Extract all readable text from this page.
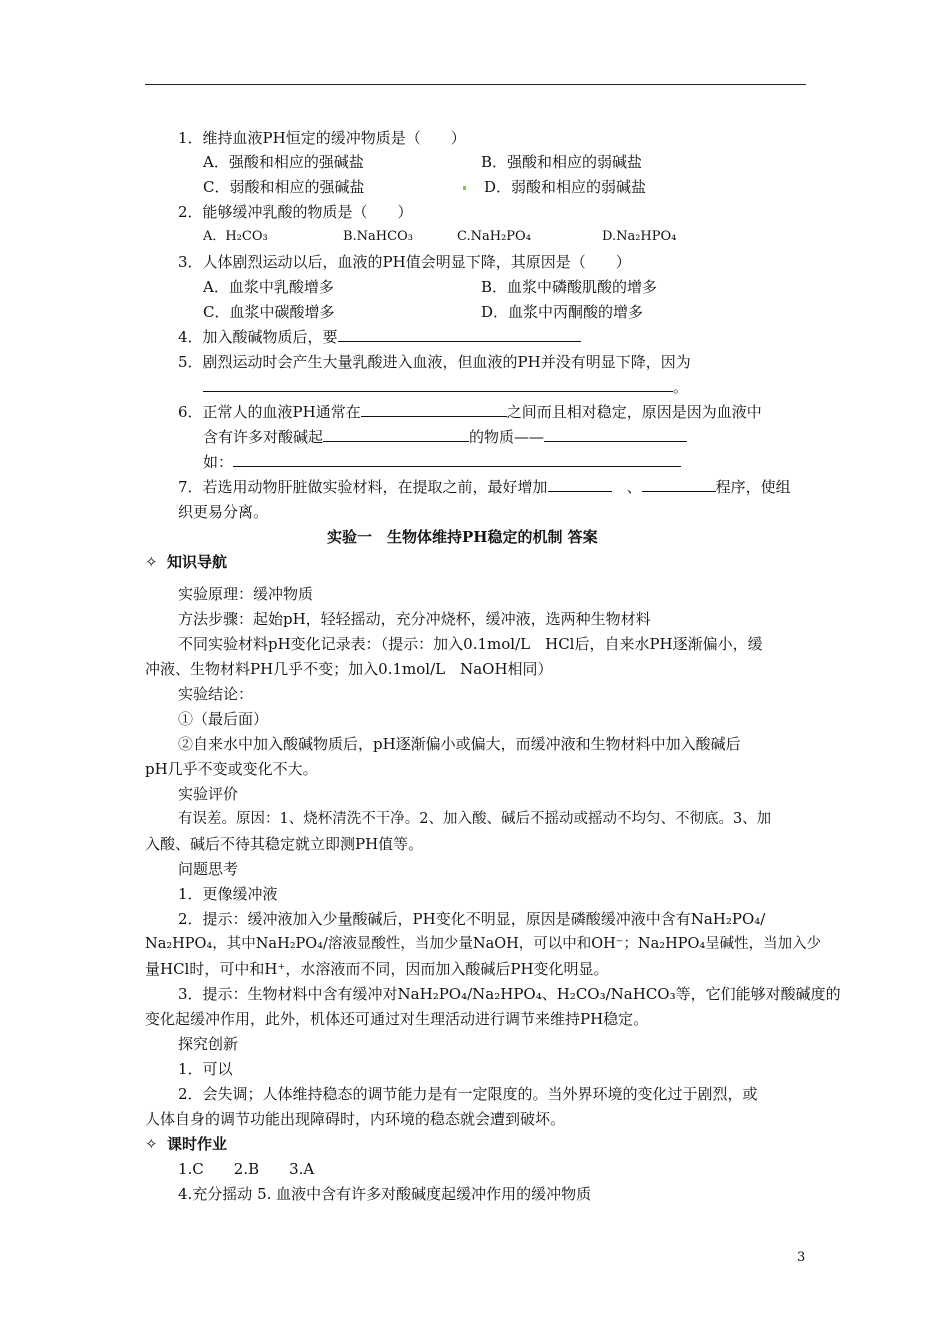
1．维持血液PH恒定的缓冲物质是（　　）
A．强酸和相应的强碱盐	B．强酸和相应的弱碱盐
C．弱酸和相应的强碱盐	D．弱酸和相应的弱碱盐
2．能够缓冲乳酸的物质是（　　）
A．H₂CO₃	B.NaHCO₃	C.NaH₂PO₄	D.Na₂HPO₄
3．人体剧烈运动以后，血液的PH值会明显下降，其原因是（　　）
A．血浆中乳酸增多	B．血浆中磷酸肌酸的增多
C．血浆中碳酸增多	D．血浆中丙酮酸的增多
4．加入酸碱物质后，要
5．剧烈运动时会产生大量乳酸进入血液，但血液的PH并没有明显下降，因为
。
6．正常人的血液PH通常在	之间而且相对稳定，原因是因为血液中
含有许多对酸碱起	的物质——
如：
7．若选用动物肝脏做实验材料，在提取之前，最好增加　	、	程序，使组
织更易分离。
实验一　生物体维持PH稳定的机制 答案
✧ 知识导航
实验原理：缓冲物质
方法步骤：起始pH，轻轻摇动，充分冲烧杯，缓冲液，选两种生物材料
不同实验材料pH变化记录表：（提示：加入0.1mol/L　HCl后，自来水PH逐渐偏小，缓
冲液、生物材料PH几乎不变；加入0.1mol/L　NaOH相同）
实验结论：
①（最后面）
②自来水中加入酸碱物质后，pH逐渐偏小或偏大，而缓冲液和生物材料中加入酸碱后
pH几乎不变或变化不大。
实验评价
有误差。原因：1、烧杯清洗不干净。2、加入酸、碱后不摇动或摇动不均匀、不彻底。3、加
入酸、碱后不待其稳定就立即测PH值等。
问题思考
1．更像缓冲液
2．提示：缓冲液加入少量酸碱后，PH变化不明显，原因是磷酸缓冲液中含有NaH₂PO₄/
Na₂HPO₄，其中NaH₂PO₄/溶液显酸性，当加少量NaOH，可以中和OH⁻；Na₂HPO₄呈碱性，当加入少
量HCl时，可中和H⁺，水溶液而不同，因而加入酸碱后PH变化明显。
3．提示：生物材料中含有缓冲对NaH₂PO₄/Na₂HPO₄、H₂CO₃/NaHCO₃等，它们能够对酸碱度的
变化起缓冲作用，此外，机体还可通过对生理活动进行调节来维持PH稳定。
探究创新
1．可以
2．会失调；人体维持稳态的调节能力是有一定限度的。当外界环境的变化过于剧烈，或
人体自身的调节功能出现障碍时，内环境的稳态就会遭到破坏。
✧ 课时作业
1.C　　2.B　　3.A
4.充分摇动 5. 血液中含有许多对酸碱度起缓冲作用的缓冲物质
3
